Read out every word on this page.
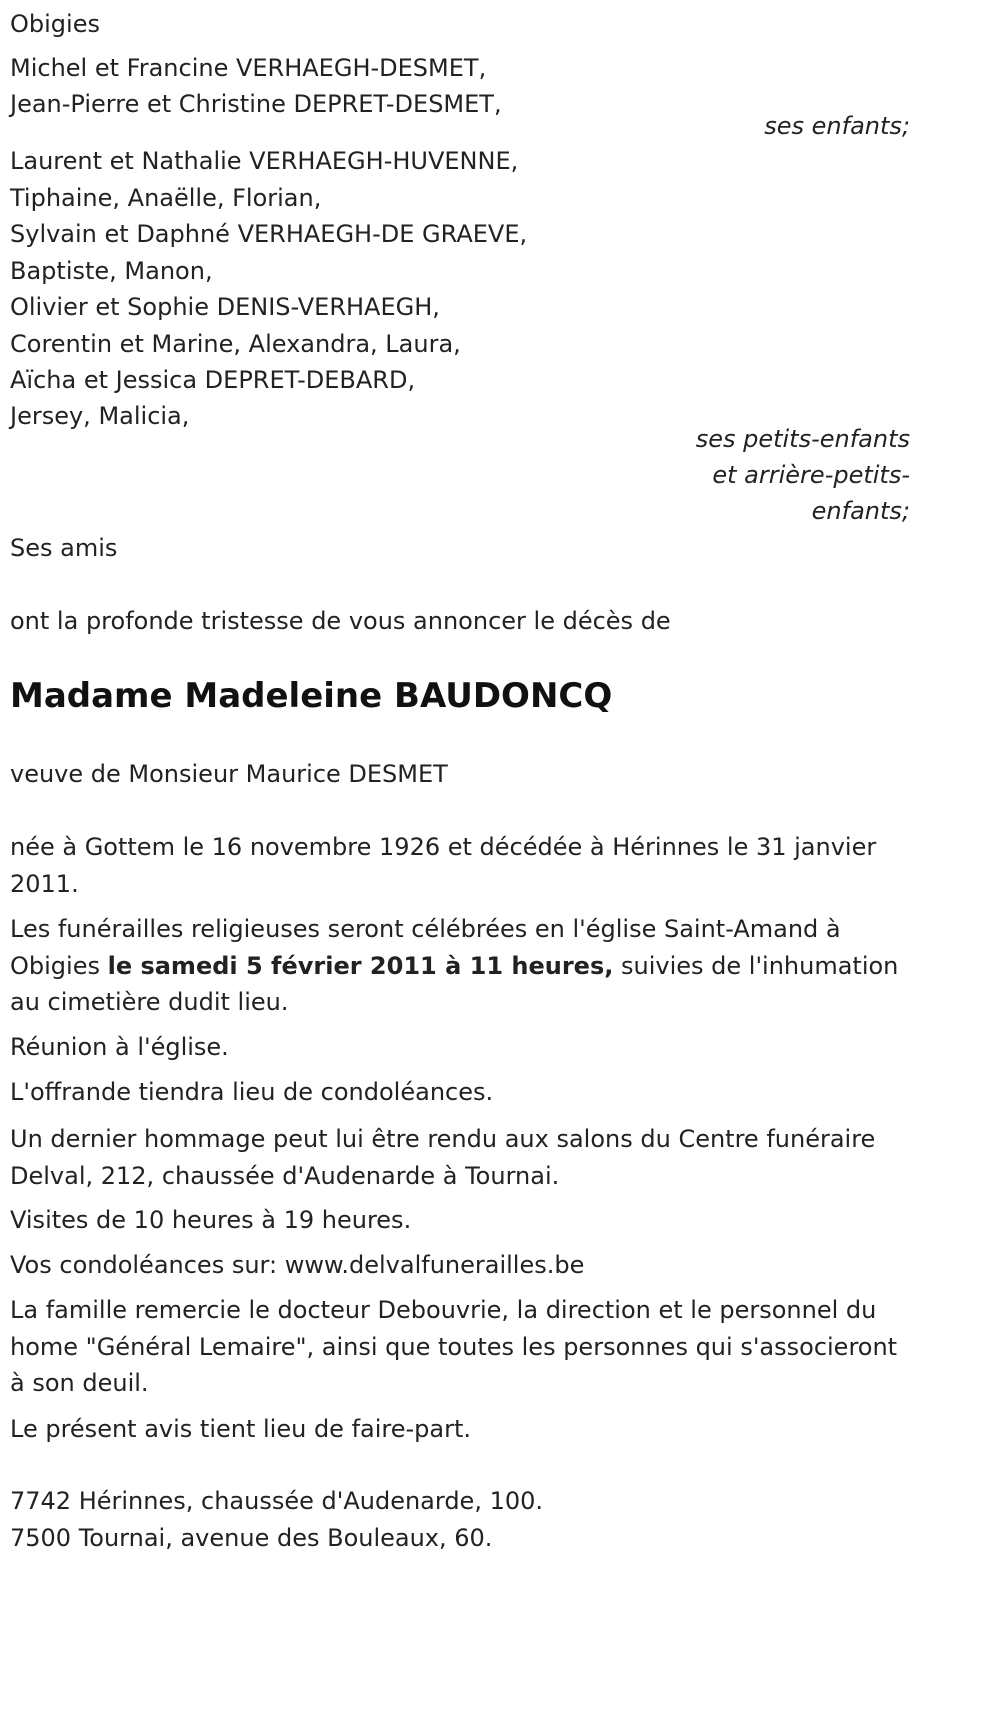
Obigies
Michel et Francine VERHAEGH-DESMET,
Jean-Pierre et Christine DEPRET-DESMET,
ses enfants;
Laurent et Nathalie VERHAEGH-HUVENNE,
Tiphaine, Anaëlle, Florian,
Sylvain et Daphné VERHAEGH-DE GRAEVE,
Baptiste, Manon,
Olivier et Sophie DENIS-VERHAEGH,
Corentin et Marine, Alexandra, Laura,
Aïcha et Jessica DEPRET-DEBARD,
Jersey, Malicia,
ses petits-enfants
et arrière-petits-
enfants;
Ses amis
ont la profonde tristesse de vous annoncer le décès de
Madame Madeleine BAUDONCQ
veuve de Monsieur Maurice DESMET
née à Gottem le 16 novembre 1926 et décédée à Hérinnes le 31 janvier 2011.
Les funérailles religieuses seront célébrées en l'église Saint-Amand à Obigies le samedi 5 février 2011 à 11 heures, suivies de l'inhumation au cimetière dudit lieu.
Réunion à l'église.
L'offrande tiendra lieu de condoléances.
Un dernier hommage peut lui être rendu aux salons du Centre funéraire Delval, 212, chaussée d'Audenarde à Tournai.
Visites de 10 heures à 19 heures.
Vos condoléances sur: www.delvalfunerailles.be
La famille remercie le docteur Debouvrie, la direction et le personnel du home "Général Lemaire", ainsi que toutes les personnes qui s'associeront à son deuil.
Le présent avis tient lieu de faire-part.
7742 Hérinnes, chaussée d'Audenarde, 100.
7500 Tournai, avenue des Bouleaux, 60.
